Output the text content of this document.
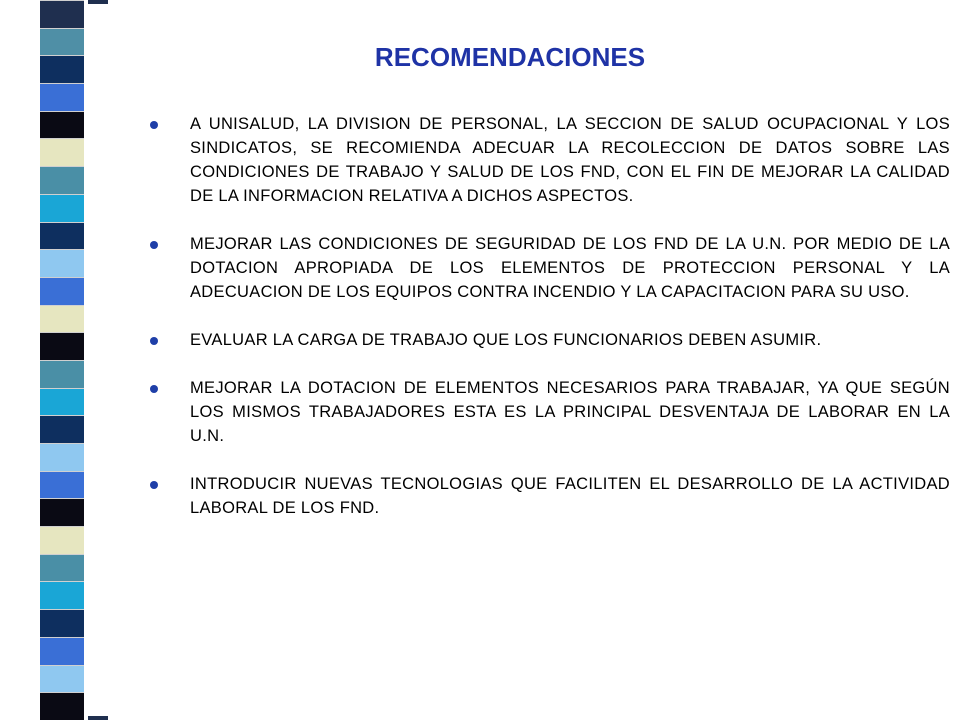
RECOMENDACIONES
A UNISALUD, LA DIVISION DE PERSONAL, LA SECCION DE SALUD OCUPACIONAL Y LOS SINDICATOS, SE RECOMIENDA ADECUAR LA RECOLECCION DE DATOS SOBRE LAS CONDICIONES DE TRABAJO Y SALUD DE LOS FND, CON EL FIN DE MEJORAR LA CALIDAD DE LA INFORMACION RELATIVA A DICHOS ASPECTOS.
MEJORAR LAS CONDICIONES DE SEGURIDAD DE LOS FND DE LA U.N. POR MEDIO DE LA DOTACION APROPIADA DE LOS ELEMENTOS DE PROTECCION PERSONAL Y LA ADECUACION DE LOS EQUIPOS CONTRA INCENDIO Y LA CAPACITACION PARA SU USO.
EVALUAR LA CARGA DE TRABAJO QUE LOS FUNCIONARIOS DEBEN ASUMIR.
MEJORAR LA DOTACION DE ELEMENTOS NECESARIOS PARA TRABAJAR, YA QUE SEGÚN LOS MISMOS TRABAJADORES ESTA ES LA PRINCIPAL DESVENTAJA DE LABORAR EN LA U.N.
INTRODUCIR NUEVAS TECNOLOGIAS QUE FACILITEN EL DESARROLLO DE LA ACTIVIDAD LABORAL DE LOS FND.
